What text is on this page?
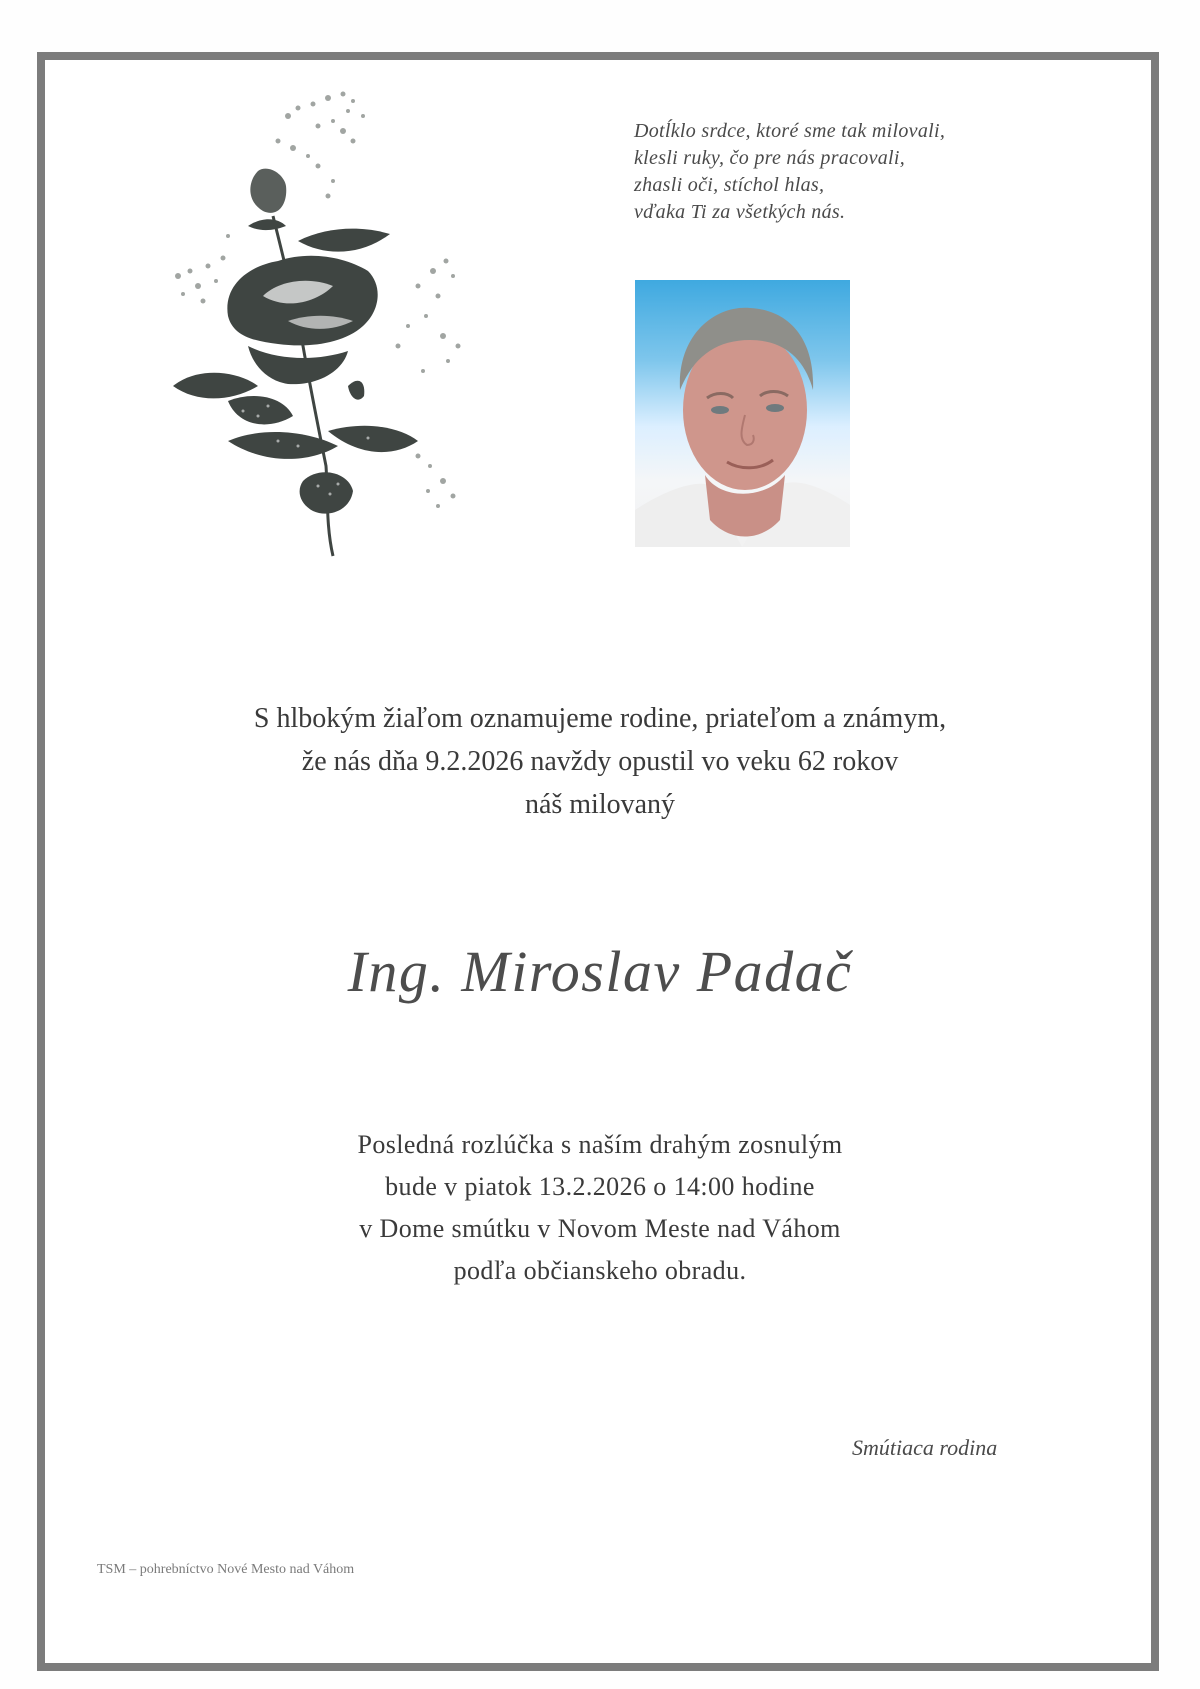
Dotĺklo srdce, ktoré sme tak milovali,
klesli ruky, čo pre nás pracovali,
zhasli oči, stíchol hlas,
vďaka Ti za všetkých nás.
S hlbokým žiaľom oznamujeme rodine, priateľom a známym,
že nás dňa 9.2.2026 navždy opustil vo veku 62 rokov
náš milovaný
Ing. Miroslav Padač
Posledná rozlúčka s naším drahým zosnulým
bude v piatok 13.2.2026 o 14:00 hodine
v Dome smútku v Novom Meste nad Váhom
podľa občianskeho obradu.
Smútiaca rodina
TSM – pohrebníctvo Nové Mesto nad Váhom
